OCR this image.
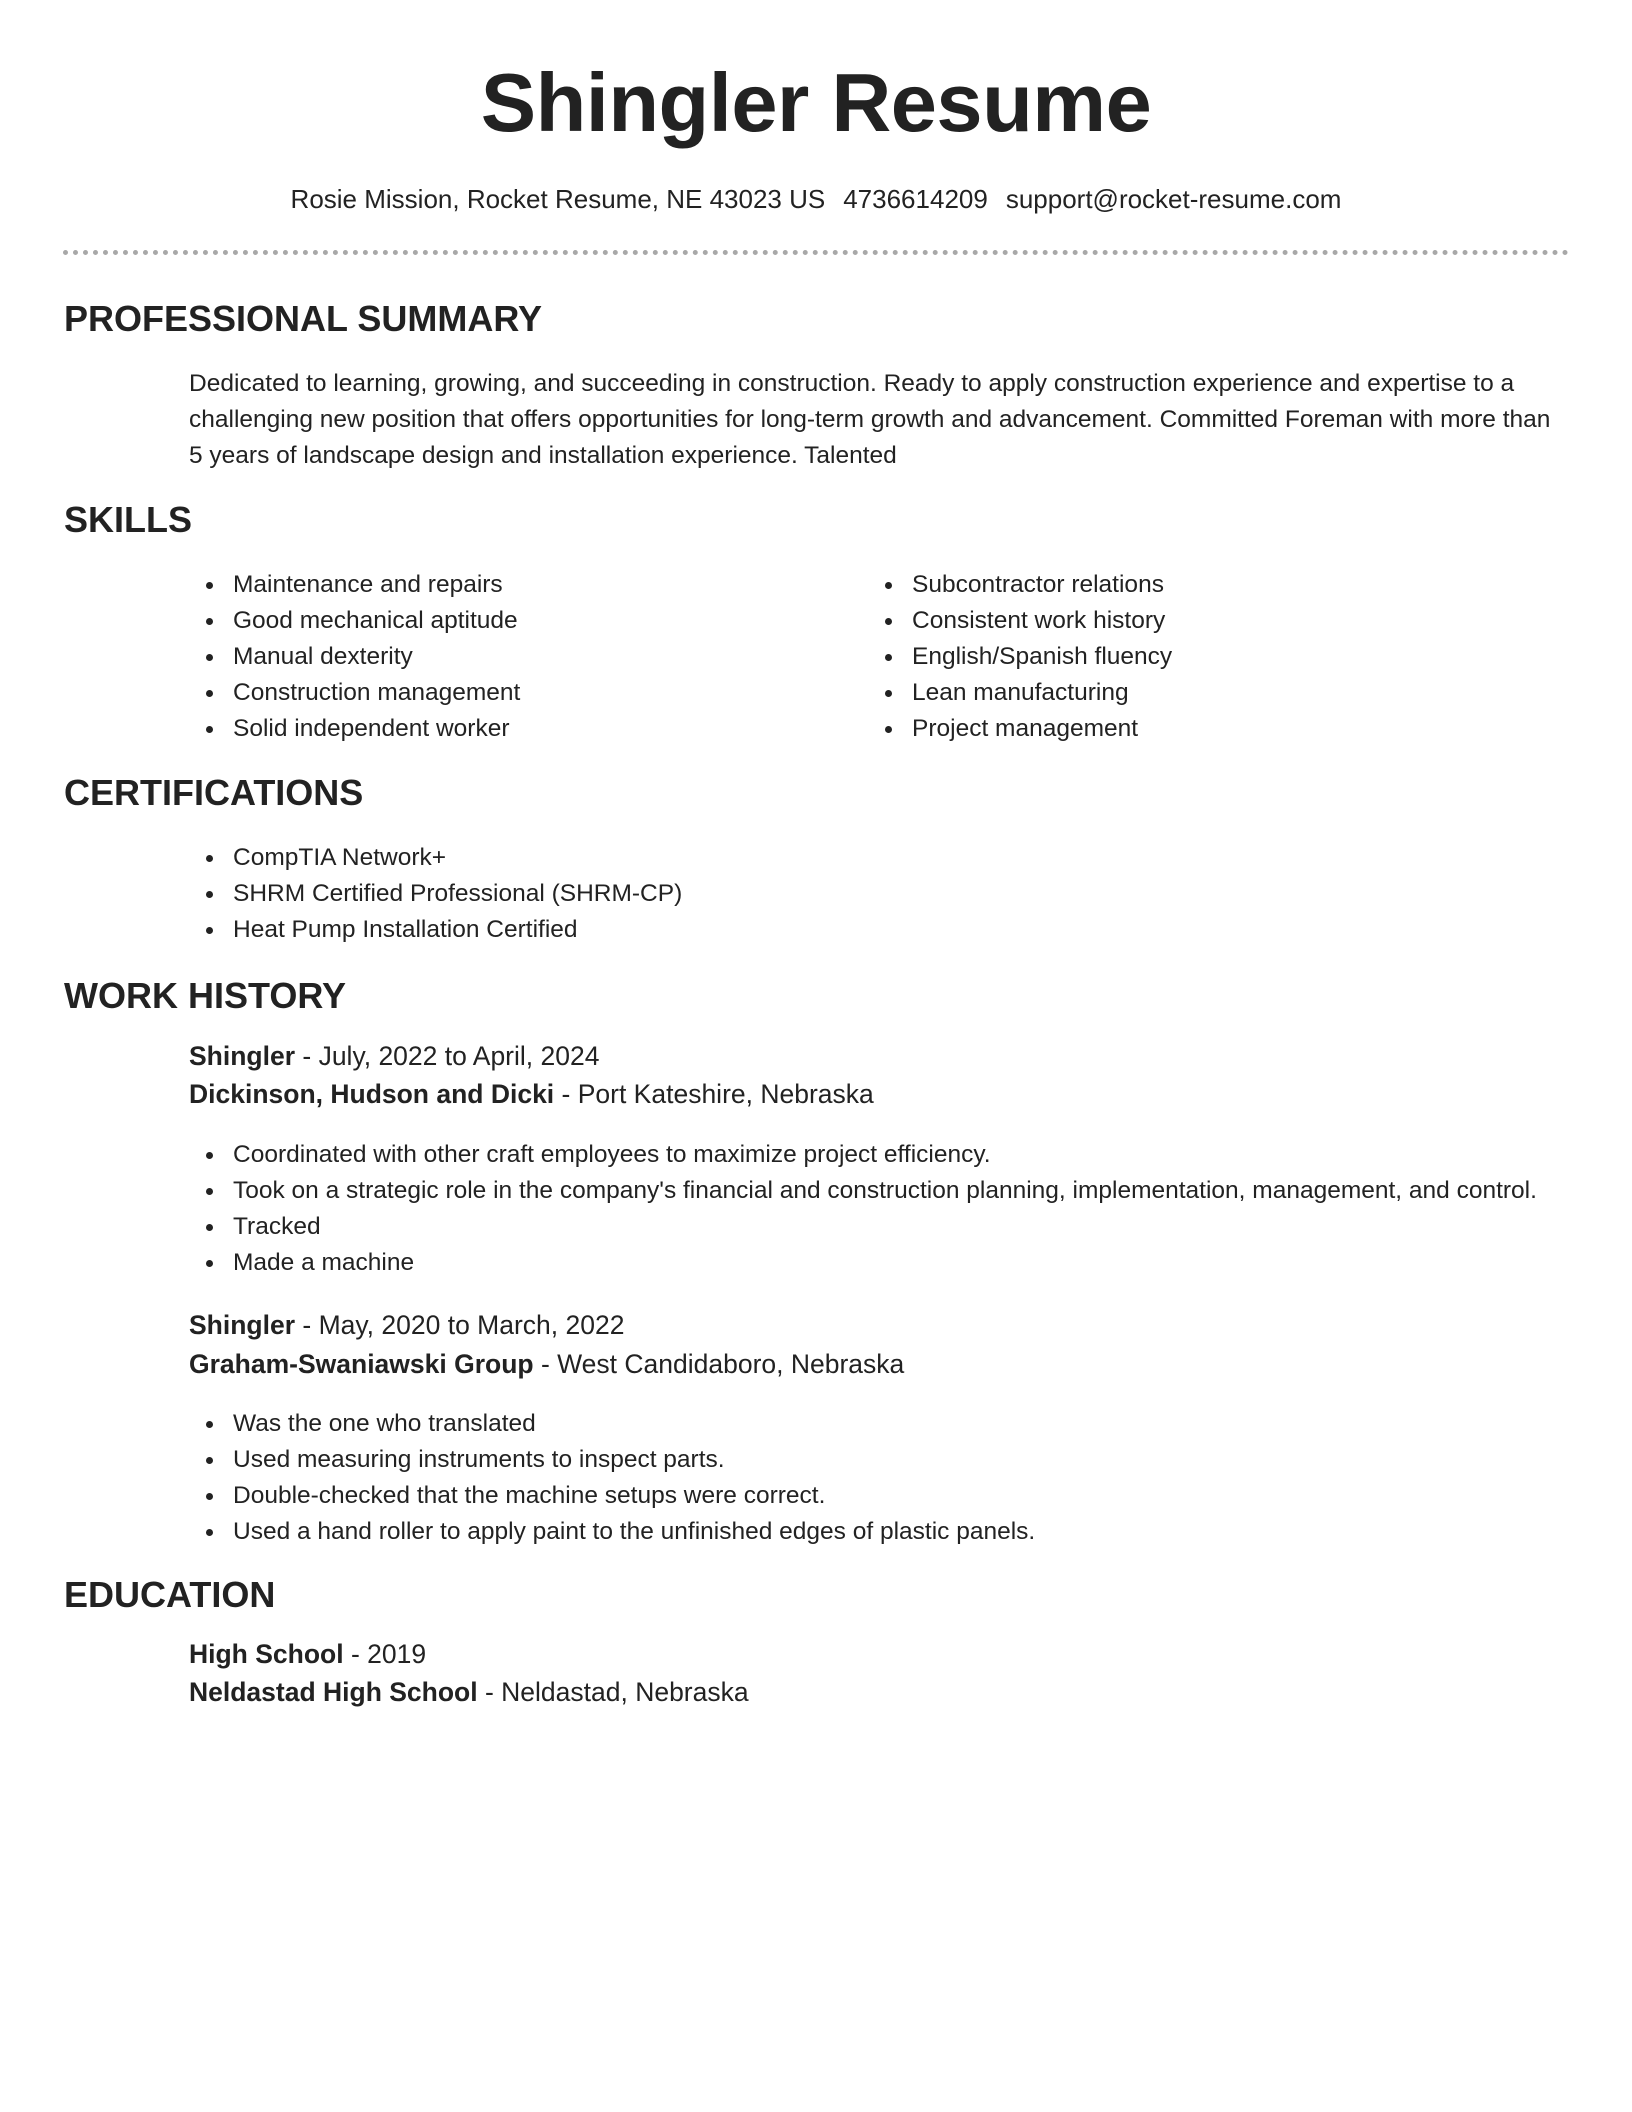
Shingler Resume
Rosie Mission, Rocket Resume, NE 43023 US 4736614209 support@rocket-resume.com
PROFESSIONAL SUMMARY

Dedicated to learning, growing, and succeeding in construction. Ready to apply construction experience and expertise to a challenging new position that offers opportunities for long-term growth and advancement. Committed Foreman with more than 5 years of landscape design and installation experience. Talented

SKILLS
Maintenance and repairs
Good mechanical aptitude
Manual dexterity
Construction management
Solid independent worker
Subcontractor relations
Consistent work history
English/Spanish fluency
Lean manufacturing
Project management
CERTIFICATIONS
CompTIA Network+
SHRM Certified Professional (SHRM-CP)
Heat Pump Installation Certified
WORK HISTORY
Shingler - July, 2022 to April, 2024
Dickinson, Hudson and Dicki - Port Kateshire, Nebraska
Coordinated with other craft employees to maximize project efficiency.
Took on a strategic role in the company's financial and construction planning, implementation, management, and control.
Tracked
Made a machine
Shingler - May, 2020 to March, 2022
Graham-Swaniawski Group - West Candidaboro, Nebraska
Was the one who translated
Used measuring instruments to inspect parts.
Double-checked that the machine setups were correct.
Used a hand roller to apply paint to the unfinished edges of plastic panels.
EDUCATION
High School - 2019
Neldastad High School - Neldastad, Nebraska
